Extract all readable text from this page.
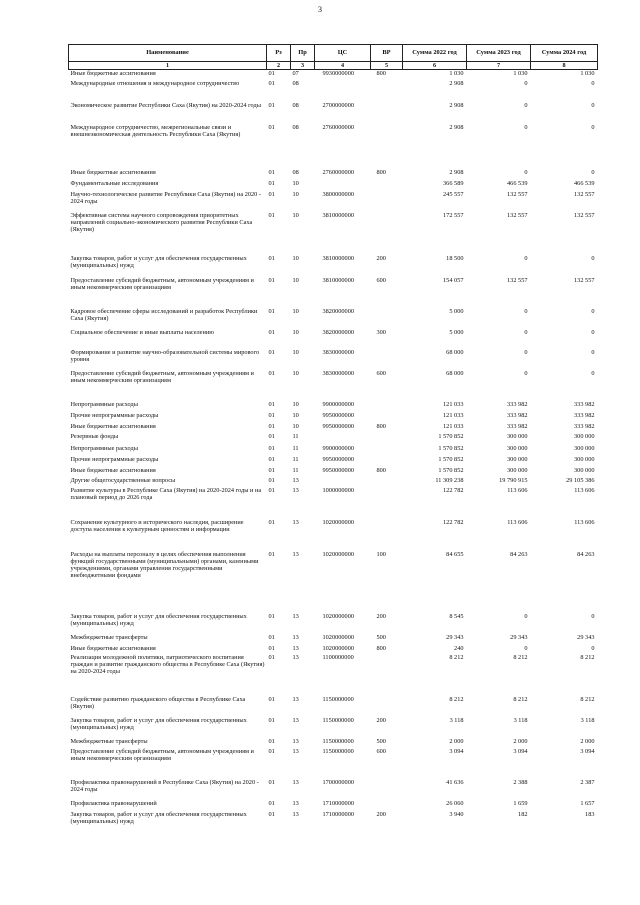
3
Наименование	Рз	Пр	ЦС	ВР	Сумма 2022 год	Сумма 2023 год	Сумма 2024 год
1	2	3	4	5	6	7	8
Иные бюджетные ассигнования	01	07	9930000000	800	1 030	1 030	1 030
Международные отношения и международное сотрудничество	01	08			2 908	0	0
Экономическое развитие Республики Саха (Якутия) на 2020-2024 годы	01	08	2700000000		2 908	0	0
Международное сотрудничество, межрегиональные связи и внешнеэкономическая деятельность Республики Саха (Якутия)	01	08	2760000000		2 908	0	0
Иные бюджетные ассигнования	01	08	2760000000	800	2 908	0	0
Фундаментальные исследования	01	10			366 589	466 539	466 539
Научно-технологическое развитие Республики Саха (Якутия) на 2020 - 2024 годы	01	10	3800000000		245 557	132 557	132 557
Эффективная система научного сопровождения приоритетных направлений социально-экономического развития Республики Саха (Якутия)	01	10	3810000000		172 557	132 557	132 557
Закупка товаров, работ и услуг для обеспечения государственных (муниципальных) нужд	01	10	3810000000	200	18 500	0	0
Предоставление субсидий бюджетным, автономным учреждениям и иным некоммерческим организациям	01	10	3810000000	600	154 057	132 557	132 557
Кадровое обеспечение сферы исследований и разработок Республики Саха (Якутия)	01	10	3820000000		5 000	0	0
Социальное обеспечение и иные выплаты населению	01	10	3820000000	300	5 000	0	0
Формирование и развитие научно-образовательной системы мирового уровня	01	10	3830000000		68 000	0	0
Предоставление субсидий бюджетным, автономным учреждениям и иным некоммерческим организациям	01	10	3830000000	600	68 000	0	0
Непрограммные расходы	01	10	9900000000		121 033	333 982	333 982
Прочие непрограммные расходы	01	10	9950000000		121 033	333 982	333 982
Иные бюджетные ассигнования	01	10	9950000000	800	121 033	333 982	333 982
Резервные фонды	01	11			1 570 852	300 000	300 000
Непрограммные расходы	01	11	9900000000		1 570 852	300 000	300 000
Прочие непрограммные расходы	01	11	9950000000		1 570 852	300 000	300 000
Иные бюджетные ассигнования	01	11	9950000000	800	1 570 852	300 000	300 000
Другие общегосударственные вопросы	01	13			11 309 238	19 790 915	29 105 386
Развитие культуры в Республике Саха (Якутия) на 2020-2024 годы и на плановый период до 2026 года	01	13	1000000000		122 782	113 606	113 606
Сохранение культурного и исторического наследия, расширение доступа населения к культурным ценностям и информации	01	13	1020000000		122 782	113 606	113 606
Расходы на выплаты персоналу в целях обеспечения выполнения функций государственными (муниципальными) органами, казенными учреждениями, органами управления государственными внебюджетными фондами	01	13	1020000000	100	84 655	84 263	84 263
Закупка товаров, работ и услуг для обеспечения государственных (муниципальных) нужд	01	13	1020000000	200	8 545	0	0
Межбюджетные трансферты	01	13	1020000000	500	29 343	29 343	29 343
Иные бюджетные ассигнования	01	13	1020000000	800	240	0	0
Реализация молодежной политики, патриотического воспитания граждан и развитие гражданского общества в Республике Саха (Якутия) на 2020-2024 годы	01	13	1100000000		8 212	8 212	8 212
Содействие развитию гражданского общества в Республике Саха (Якутия)	01	13	1150000000		8 212	8 212	8 212
Закупка товаров, работ и услуг для обеспечения государственных (муниципальных) нужд	01	13	1150000000	200	3 118	3 118	3 118
Межбюджетные трансферты	01	13	1150000000	500	2 000	2 000	2 000
Предоставление субсидий бюджетным, автономным учреждениям и иным некоммерческим организациям	01	13	1150000000	600	3 094	3 094	3 094
Профилактика правонарушений в Республике Саха (Якутия) на 2020 - 2024 годы	01	13	1700000000		41 636	2 388	2 387
Профилактика правонарушений	01	13	1710000000		26 060	1 659	1 657
Закупка товаров, работ и услуг для обеспечения государственных (муниципальных) нужд	01	13	1710000000	200	3 940	182	183
